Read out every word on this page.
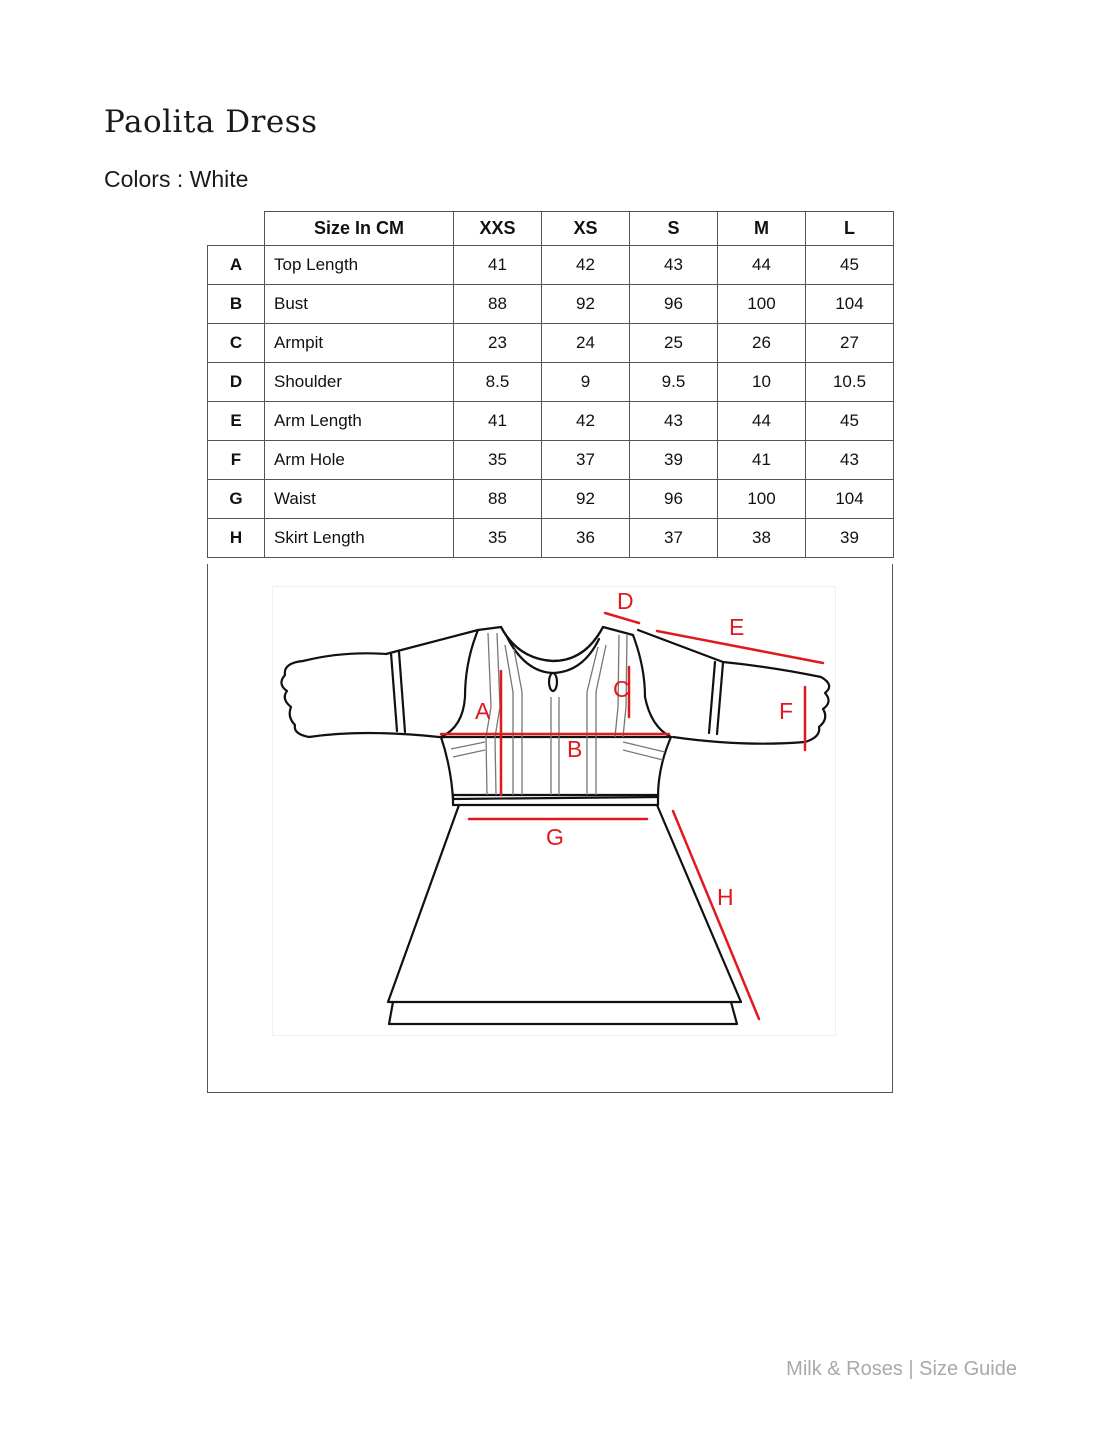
Paolita Dress
Colors : White
	Size In CM	XXS	XS	S	M	L
A	Top Length	41	42	43	44	45
B	Bust	88	92	96	100	104
C	Armpit	23	24	25	26	27
D	Shoulder	8.5	9	9.5	10	10.5
E	Arm Length	41	42	43	44	45
F	Arm Hole	35	37	39	41	43
G	Waist	88	92	96	100	104
H	Skirt Length	35	36	37	38	39
A
B
C
D
E
F
G
H
Milk & Roses | Size Guide
